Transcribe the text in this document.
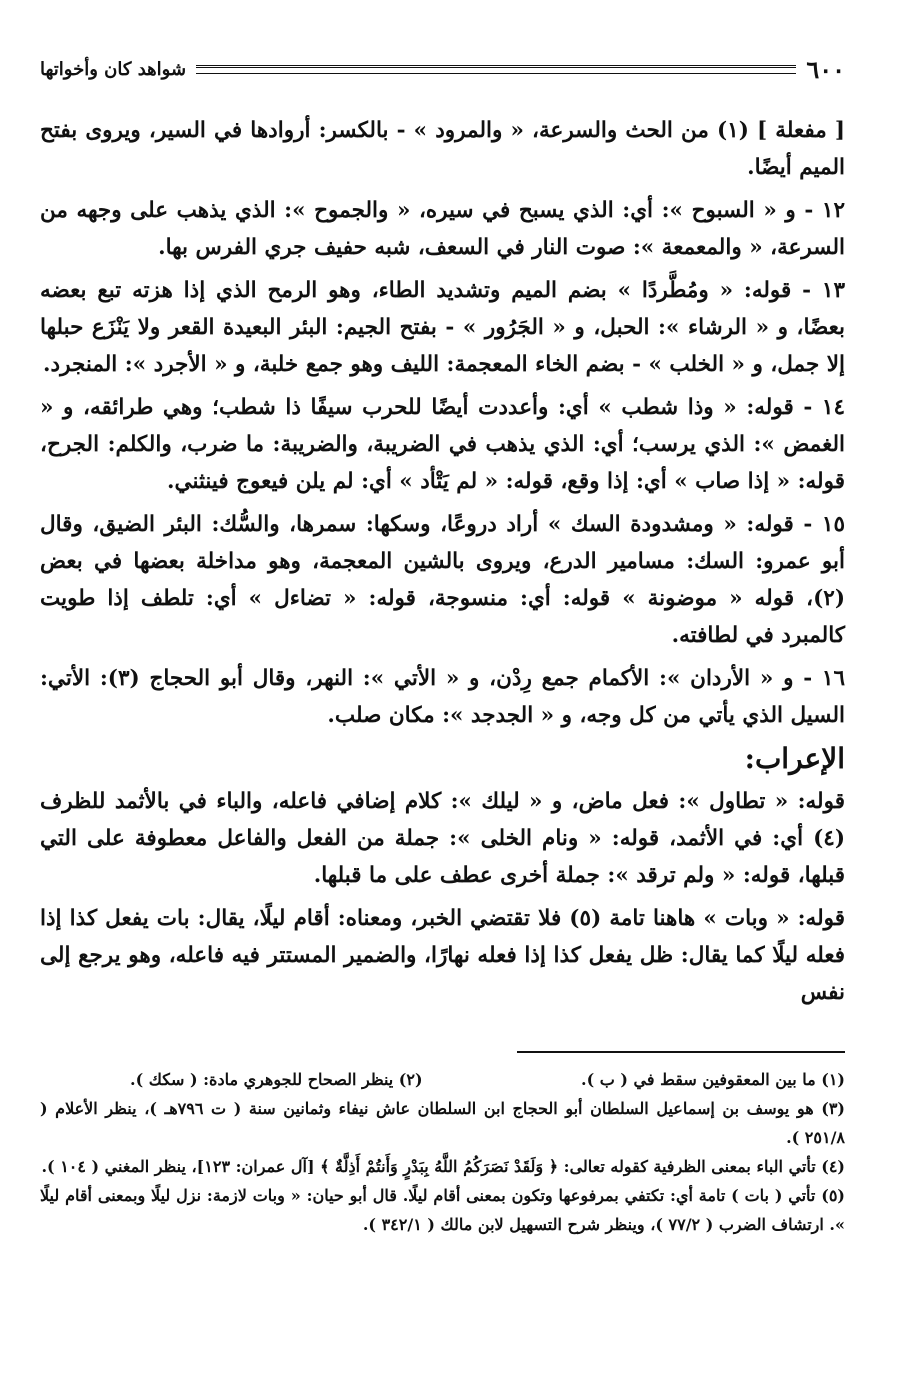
٦٠٠
شواهد كان وأخواتها

[ مفعلة ] (١) من الحث والسرعة، « والمرود » - بالكسر: أروادها في السير، ويروى بفتح الميم أيضًا.

١٢ - و « السبوح »: أي: الذي يسبح في سيره، « والجموح »: الذي يذهب على وجهه من السرعة، « والمعمعة »: صوت النار في السعف، شبه حفيف جري الفرس بها.

١٣ - قوله: « ومُطَّردًا » بضم الميم وتشديد الطاء، وهو الرمح الذي إذا هزته تبع بعضه بعضًا، و « الرشاء »: الحبل، و « الجَرُور » - بفتح الجيم: البئر البعيدة القعر ولا يَنْزَع حبلها إلا جمل، و « الخلب » - بضم الخاء المعجمة: الليف وهو جمع خلبة، و « الأجرد »: المنجرد.

١٤ - قوله: « وذا شطب » أي: وأعددت أيضًا للحرب سيفًا ذا شطب؛ وهي طرائقه، و « الغمض »: الذي يرسب؛ أي: الذي يذهب في الضريبة، والضريبة: ما ضرب، والكلم: الجرح، قوله: « إذا صاب » أي: إذا وقع، قوله: « لم يَتْأد » أي: لم يلن فيعوج فينثني.

١٥ - قوله: « ومشدودة السك » أراد دروعًا، وسكها: سمرها، والسُّك: البئر الضيق، وقال أبو عمرو: السك: مسامير الدرع، ويروى بالشين المعجمة، وهو مداخلة بعضها في بعض (٢)، قوله « موضونة » قوله: أي: منسوجة، قوله: « تضاءل » أي: تلطف إذا طويت كالمبرد في لطافته.

١٦ - و « الأردان »: الأكمام جمع رِدْن، و « الأتي »: النهر، وقال أبو الحجاج (٣): الأتي: السيل الذي يأتي من كل وجه، و « الجدجد »: مكان صلب.

الإعراب:

قوله: « تطاول »: فعل ماض، و « ليلك »: كلام إضافي فاعله، والباء في بالأثمد للظرف (٤) أي: في الأثمد، قوله: « ونام الخلى »: جملة من الفعل والفاعل معطوفة على التي قبلها، قوله: « ولم ترقد »: جملة أخرى عطف على ما قبلها.

قوله: « وبات » هاهنا تامة (٥) فلا تقتضي الخبر، ومعناه: أقام ليلًا، يقال: بات يفعل كذا إذا فعله ليلًا كما يقال: ظل يفعل كذا إذا فعله نهارًا، والضمير المستتر فيه فاعله، وهو يرجع إلى نفس

(١) ما بين المعقوفين سقط في ( ب ).

(٢) ينظر الصحاح للجوهري مادة: ( سكك ).

(٣) هو يوسف بن إسماعيل السلطان أبو الحجاج ابن السلطان عاش نيفاء وثمانين سنة ( ت ٧٩٦هـ )، ينظر الأعلام ( ٢٥١/٨ ).

(٤) تأتي الباء بمعنى الظرفية كقوله تعالى: ﴿ وَلَقَدْ نَصَرَكُمُ اللَّهُ بِبَدْرٍ وَأَنتُمْ أَذِلَّةٌ ﴾ [آل عمران: ١٢٣]، ينظر المغني ( ١٠٤ ).

(٥) تأتي ( بات ) تامة أي: تكتفي بمرفوعها وتكون بمعنى أقام ليلًا. قال أبو حيان: « وبات لازمة: نزل ليلًا وبمعنى أقام ليلًا ». ارتشاف الضرب ( ٧٧/٢ )، وينظر شرح التسهيل لابن مالك ( ٣٤٢/١ ).
